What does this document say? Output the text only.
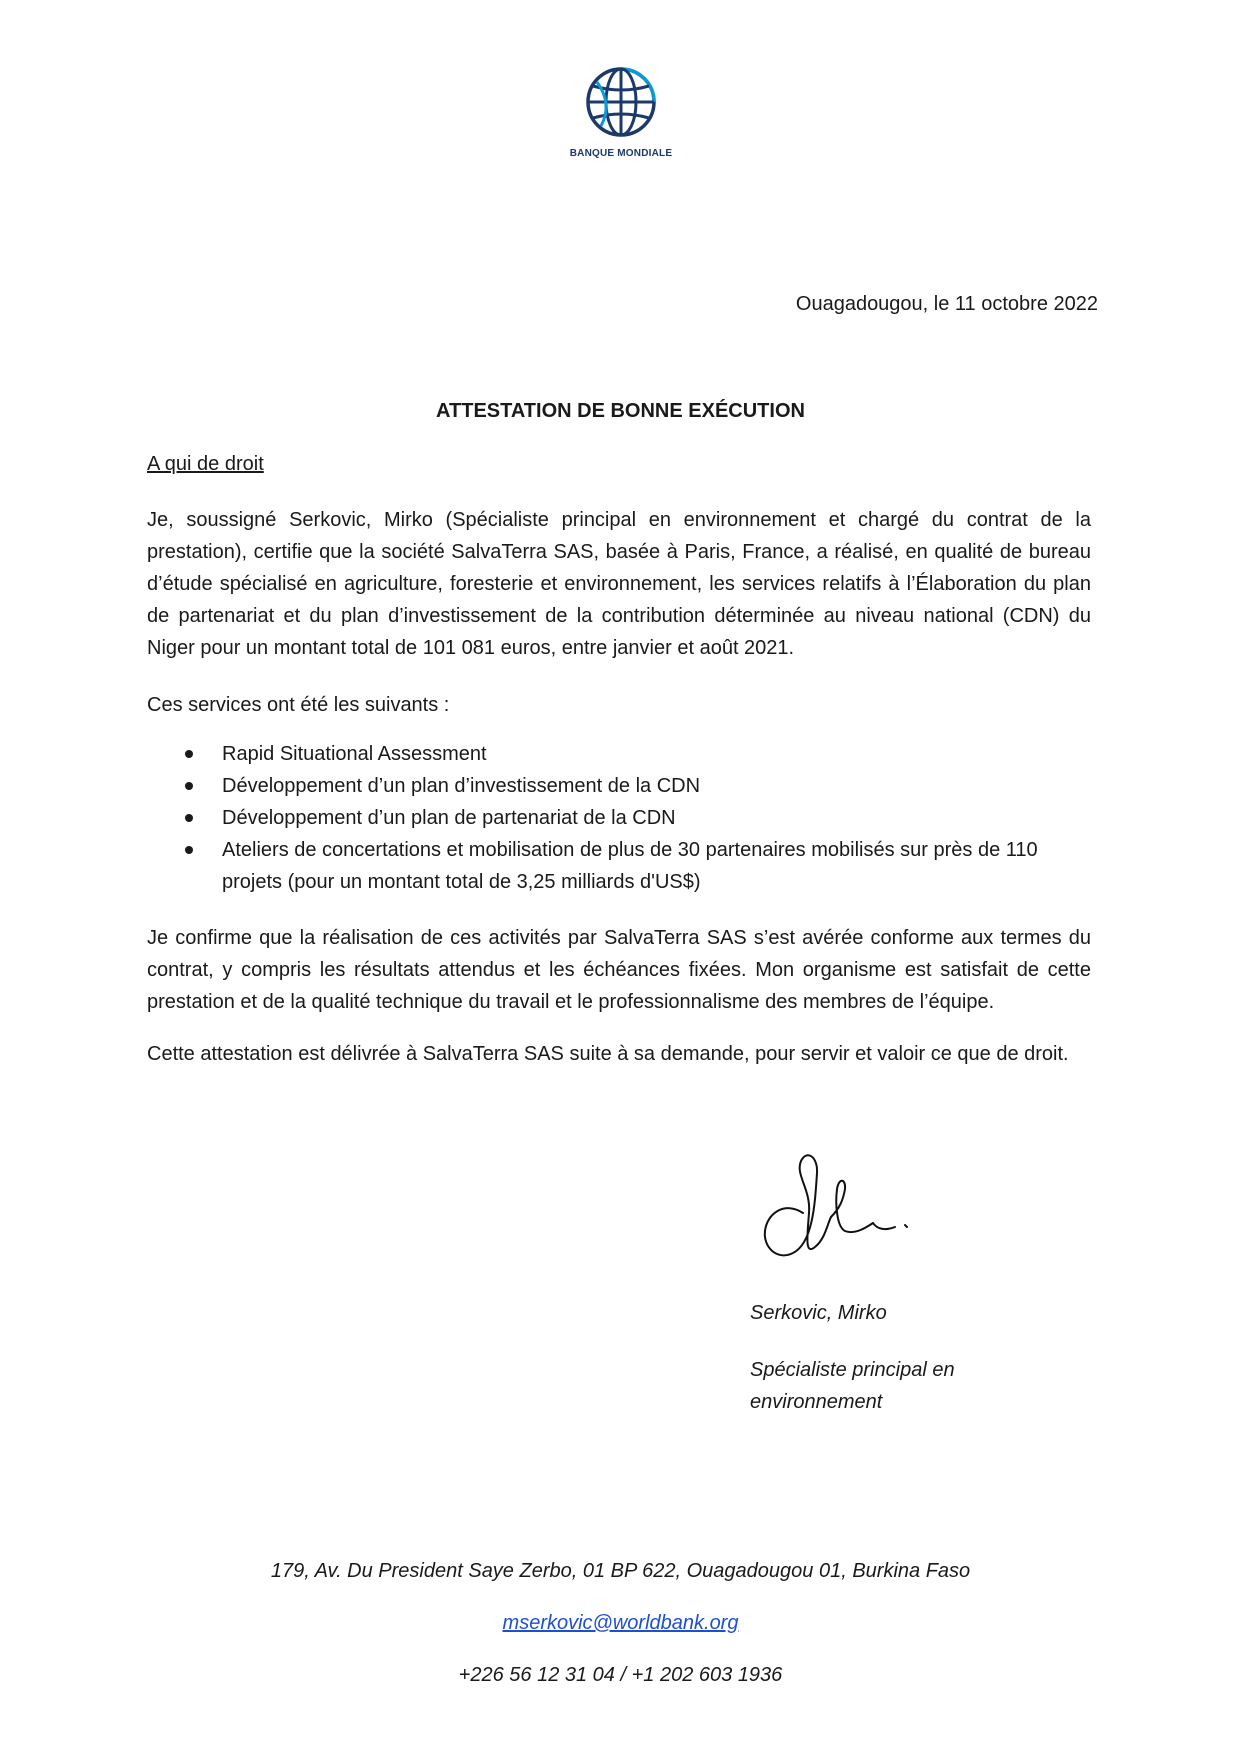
BANQUE MONDIALE
Ouagadougou, le 11 octobre 2022
ATTESTATION DE BONNE EXÉCUTION
A qui de droit

Je, soussigné Serkovic, Mirko (Spécialiste principal en environnement et chargé du contrat de la prestation), certifie que la société SalvaTerra SAS, basée à Paris, France, a réalisé, en qualité de bureau d’étude spécialisé en agriculture, foresterie et environnement, les services relatifs à l’Élaboration du plan de partenariat et du plan d’investissement de la contribution déterminée au niveau national (CDN) du Niger pour un montant total de 101 081 euros, entre janvier et août 2021.

Ces services ont été les suivants :

Rapid Situational Assessment
Développement d’un plan d’investissement de la CDN
Développement d’un plan de partenariat de la CDN
Ateliers de concertations et mobilisation de plus de 30 partenaires mobilisés sur près de 110 projets (pour un montant total de 3,25 milliards d'US$)

Je confirme que la réalisation de ces activités par SalvaTerra SAS s’est avérée conforme aux termes du contrat, y compris les résultats attendus et les échéances fixées. Mon organisme est satisfait de cette prestation et de la qualité technique du travail et le professionnalisme des membres de l’équipe.

Cette attestation est délivrée à SalvaTerra SAS suite à sa demande, pour servir et valoir ce que de droit.

Serkovic, Mirko
Spécialiste principal en environnement
179, Av. Du President Saye Zerbo, 01 BP 622, Ouagadougou 01, Burkina Faso
mserkovic@worldbank.org
+226 56 12 31 04 / +1 202 603 1936
